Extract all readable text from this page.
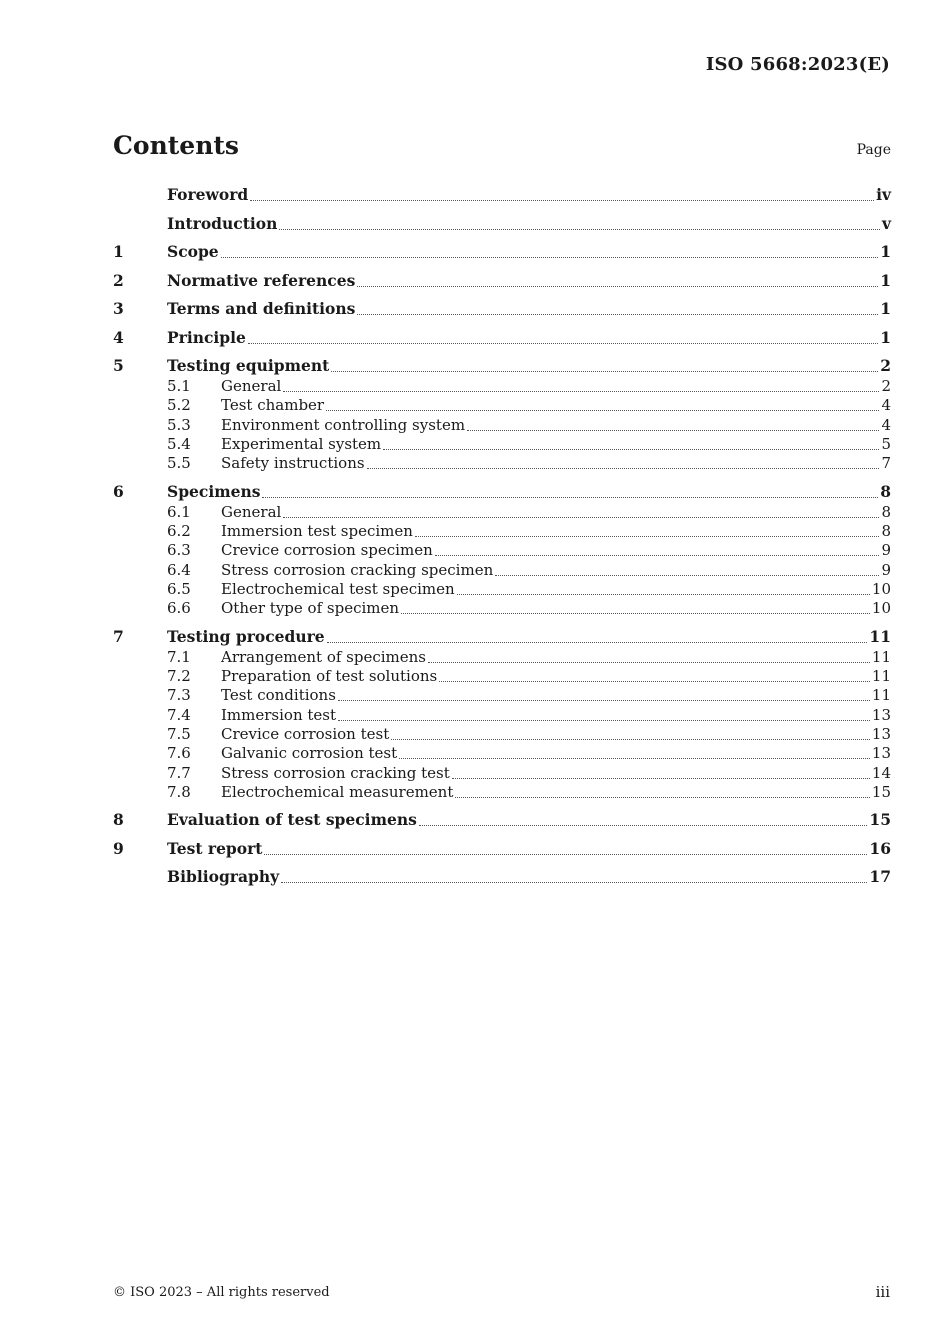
ISO 5668:2023(E)
Contents	Page
Foreword	iv
Introduction	v
1	Scope	1
2	Normative references	1
3	Terms and definitions	1
4	Principle	1
5	Testing equipment	2
5.1	General	2
5.2	Test chamber	4
5.3	Environment controlling system	4
5.4	Experimental system	5
5.5	Safety instructions	7
6	Specimens	8
6.1	General	8
6.2	Immersion test specimen	8
6.3	Crevice corrosion specimen	9
6.4	Stress corrosion cracking specimen	9
6.5	Electrochemical test specimen	10
6.6	Other type of specimen	10
7	Testing procedure	11
7.1	Arrangement of specimens	11
7.2	Preparation of test solutions	11
7.3	Test conditions	11
7.4	Immersion test	13
7.5	Crevice corrosion test	13
7.6	Galvanic corrosion test	13
7.7	Stress corrosion cracking test	14
7.8	Electrochemical measurement	15
8	Evaluation of test specimens	15
9	Test report	16
Bibliography	17
© ISO 2023 – All rights reserved	iii
